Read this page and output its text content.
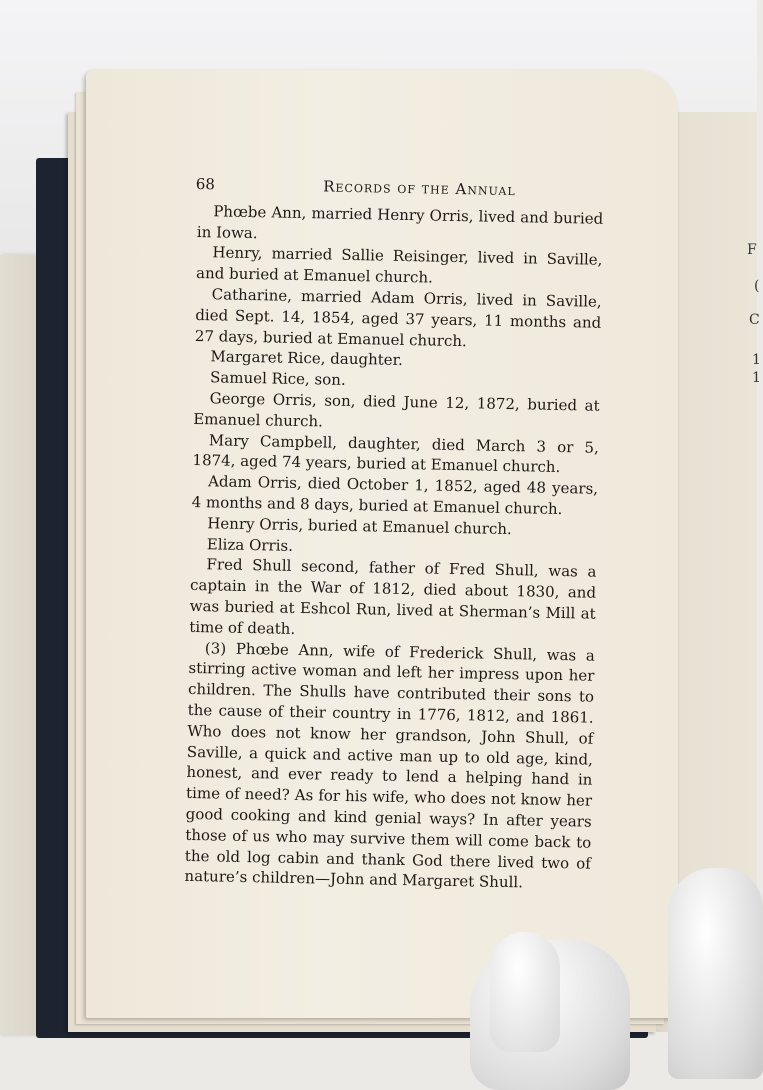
F
(
C
1
1
68	Records of the Annual

Phœbe Ann, married Henry Orris, lived and buried in Iowa.

Henry, married Sallie Reisinger, lived in Saville, and buried at Emanuel church.

Catharine, married Adam Orris, lived in Saville, died Sept. 14, 1854, aged 37 years, 11 months and 27 days, buried at Emanuel church.

Margaret Rice, daughter.

Samuel Rice, son.

George Orris, son, died June 12, 1872, buried at Emanuel church.

Mary Campbell, daughter, died March 3 or 5, 1874, aged 74 years, buried at Emanuel church.

Adam Orris, died October 1, 1852, aged 48 years, 4 months and 8 days, buried at Emanuel church.

Henry Orris, buried at Emanuel church.

Eliza Orris.

Fred Shull second, father of Fred Shull, was a captain in the War of 1812, died about 1830, and was buried at Eshcol Run, lived at Sherman’s Mill at time of death.

(3) Phœbe Ann, wife of Frederick Shull, was a stirring active woman and left her impress upon her children. The Shulls have contributed their sons to the cause of their country in 1776, 1812, and 1861. Who does not know her grandson, John Shull, of Saville, a quick and active man up to old age, kind, honest, and ever ready to lend a helping hand in time of need? As for his wife, who does not know her good cooking and kind genial ways? In after years those of us who may survive them will come back to the old log cabin and thank God there lived two of nature’s children—John and Margaret Shull.
